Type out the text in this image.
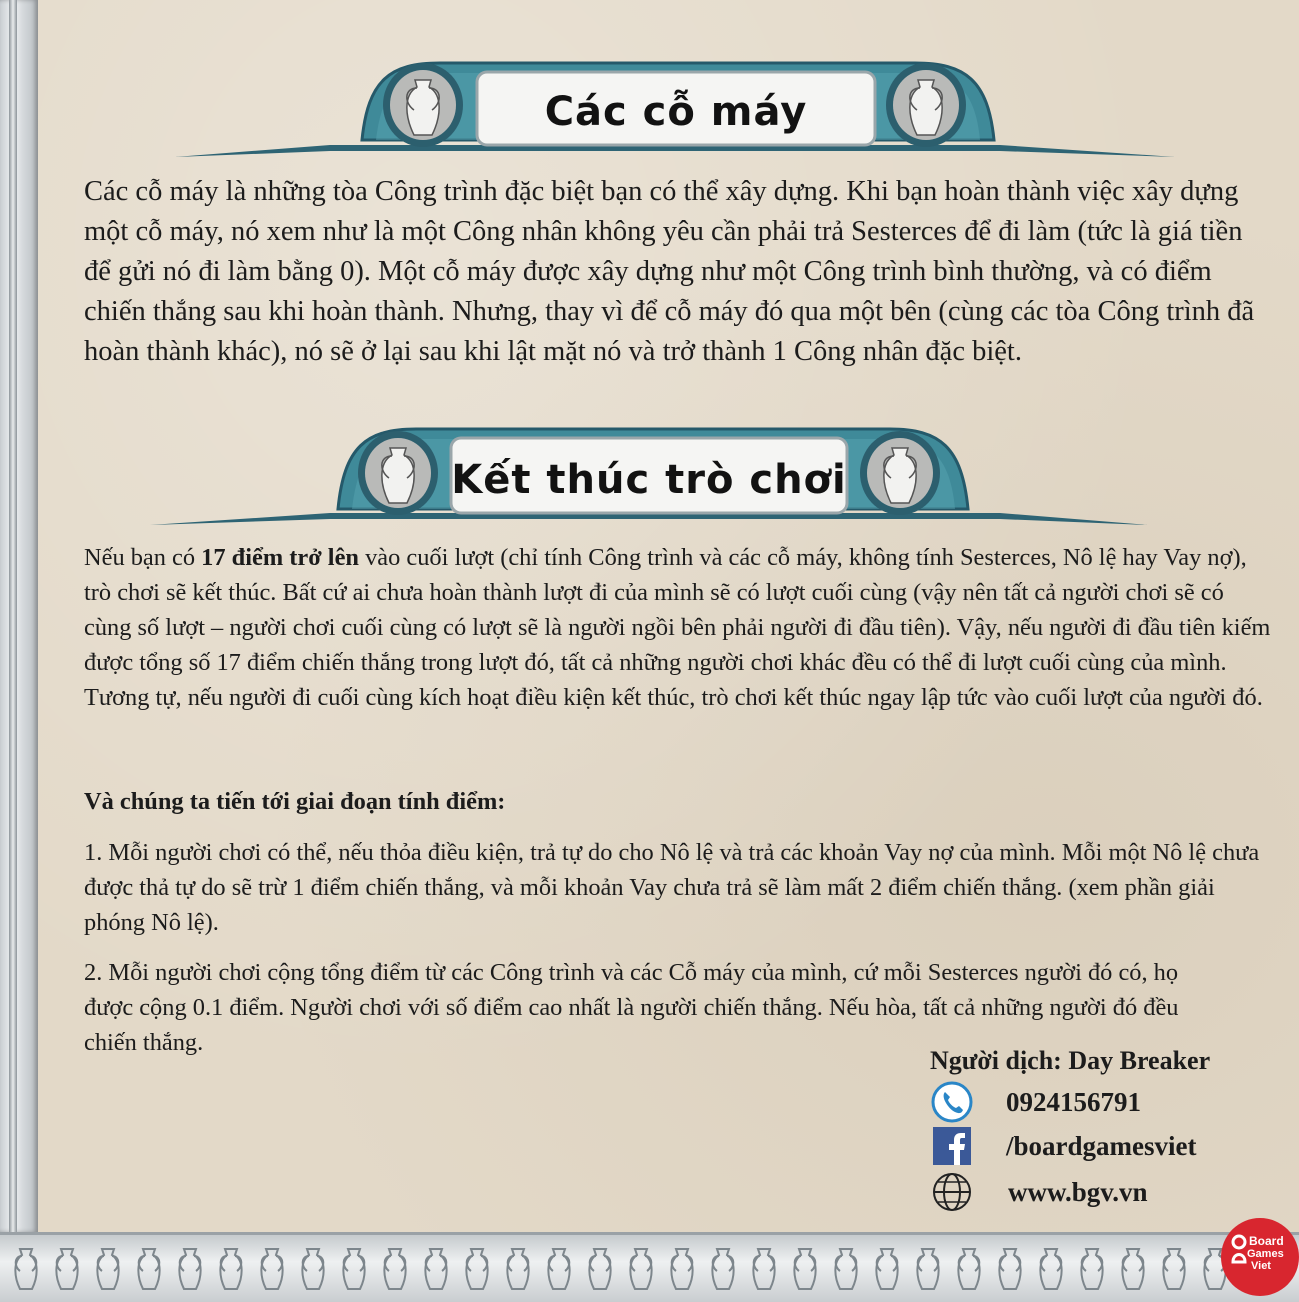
Các cỗ máy

Các cỗ máy là những tòa Công trình đặc biệt bạn có thể xây dựng. Khi bạn hoàn thành việc xây dựng một cỗ máy, nó xem như là một Công nhân không yêu cần phải trả Sesterces để đi làm (tức là giá tiền để gửi nó đi làm bằng 0). Một cỗ máy được xây dựng như một Công trình bình thường, và có điểm chiến thắng sau khi hoàn thành. Nhưng, thay vì để cỗ máy đó qua một bên (cùng các tòa Công trình đã hoàn thành khác), nó sẽ ở lại sau khi lật mặt nó và trở thành 1 Công nhân đặc biệt.

Kết thúc trò chơi

Nếu bạn có 17 điểm trở lên vào cuối lượt (chỉ tính Công trình và các cỗ máy, không tính Sesterces, Nô lệ hay Vay nợ), trò chơi sẽ kết thúc. Bất cứ ai chưa hoàn thành lượt đi của mình sẽ có lượt cuối cùng (vậy nên tất cả người chơi sẽ có cùng số lượt – người chơi cuối cùng có lượt sẽ là người ngồi bên phải người đi đầu tiên). Vậy, nếu người đi đầu tiên kiếm được tổng số 17 điểm chiến thắng trong lượt đó, tất cả những người chơi khác đều có thể đi lượt cuối cùng của mình. Tương tự, nếu người đi cuối cùng kích hoạt điều kiện kết thúc, trò chơi kết thúc ngay lập tức vào cuối lượt của người đó.

Và chúng ta tiến tới giai đoạn tính điểm:

1. Mỗi người chơi có thể, nếu thỏa điều kiện, trả tự do cho Nô lệ và trả các khoản Vay nợ của mình. Mỗi một Nô lệ chưa được thả tự do sẽ trừ 1 điểm chiến thắng, và mỗi khoản Vay chưa trả sẽ làm mất 2 điểm chiến thắng. (xem phần giải phóng Nô lệ).

2. Mỗi người chơi cộng tổng điểm từ các Công trình và các Cỗ máy của mình, cứ mỗi Sesterces người đó có, họ được cộng 0.1 điểm. Người chơi với số điểm cao nhất là người chiến thắng. Nếu hòa, tất cả những người đó đều chiến thắng.

Người dịch: Day Breaker
0924156791
/boardgamesviet
www.bgv.vn
Board
Games
Viet
